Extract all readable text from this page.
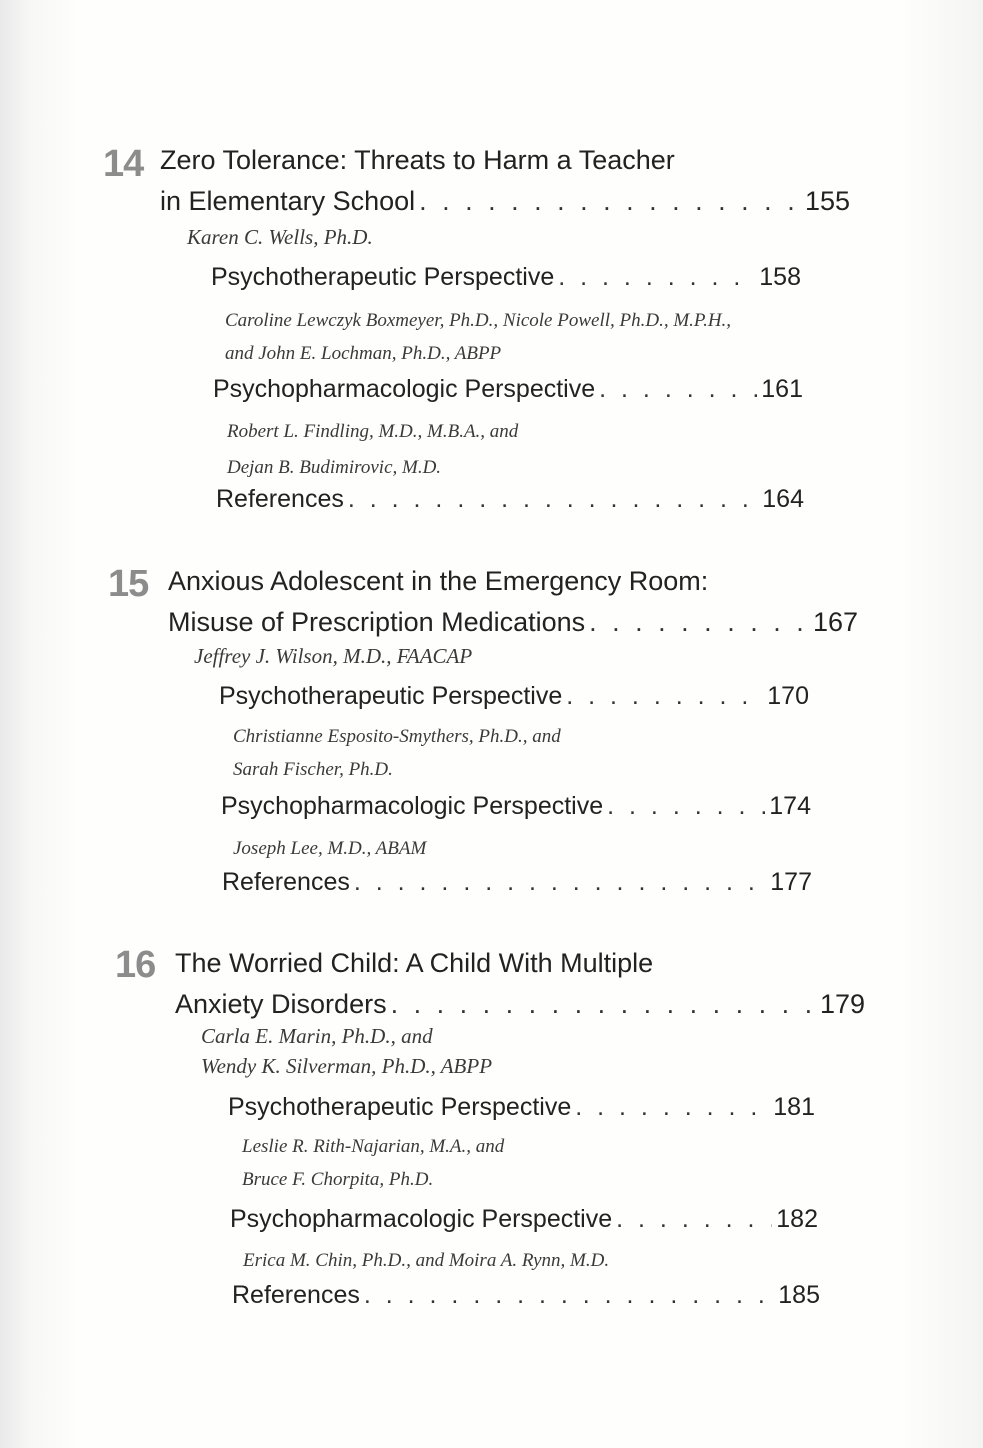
14 Zero Tolerance: Threats to Harm a Teacher
in Elementary School . . .	155
Karen C. Wells, Ph.D.
Psychotherapeutic Perspective . . .	158
Caroline Lewczyk Boxmeyer, Ph.D., Nicole Powell, Ph.D., M.P.H.,
and John E. Lochman, Ph.D., ABPP
Psychopharmacologic Perspective . . .	161
Robert L. Findling, M.D., M.B.A., and
Dejan B. Budimirovic, M.D.
References . . .	164
15 Anxious Adolescent in the Emergency Room:
Misuse of Prescription Medications . . .	167
Jeffrey J. Wilson, M.D., FAACAP
Psychotherapeutic Perspective . . .	170
Christianne Esposito-Smythers, Ph.D., and
Sarah Fischer, Ph.D.
Psychopharmacologic Perspective . . .	174
Joseph Lee, M.D., ABAM
References . . .	177
16 The Worried Child: A Child With Multiple
Anxiety Disorders . . .	179
Carla E. Marin, Ph.D., and
Wendy K. Silverman, Ph.D., ABPP
Psychotherapeutic Perspective . . .	181
Leslie R. Rith-Najarian, M.A., and
Bruce F. Chorpita, Ph.D.
Psychopharmacologic Perspective . . .	182
Erica M. Chin, Ph.D., and Moira A. Rynn, M.D.
References . . .	185
